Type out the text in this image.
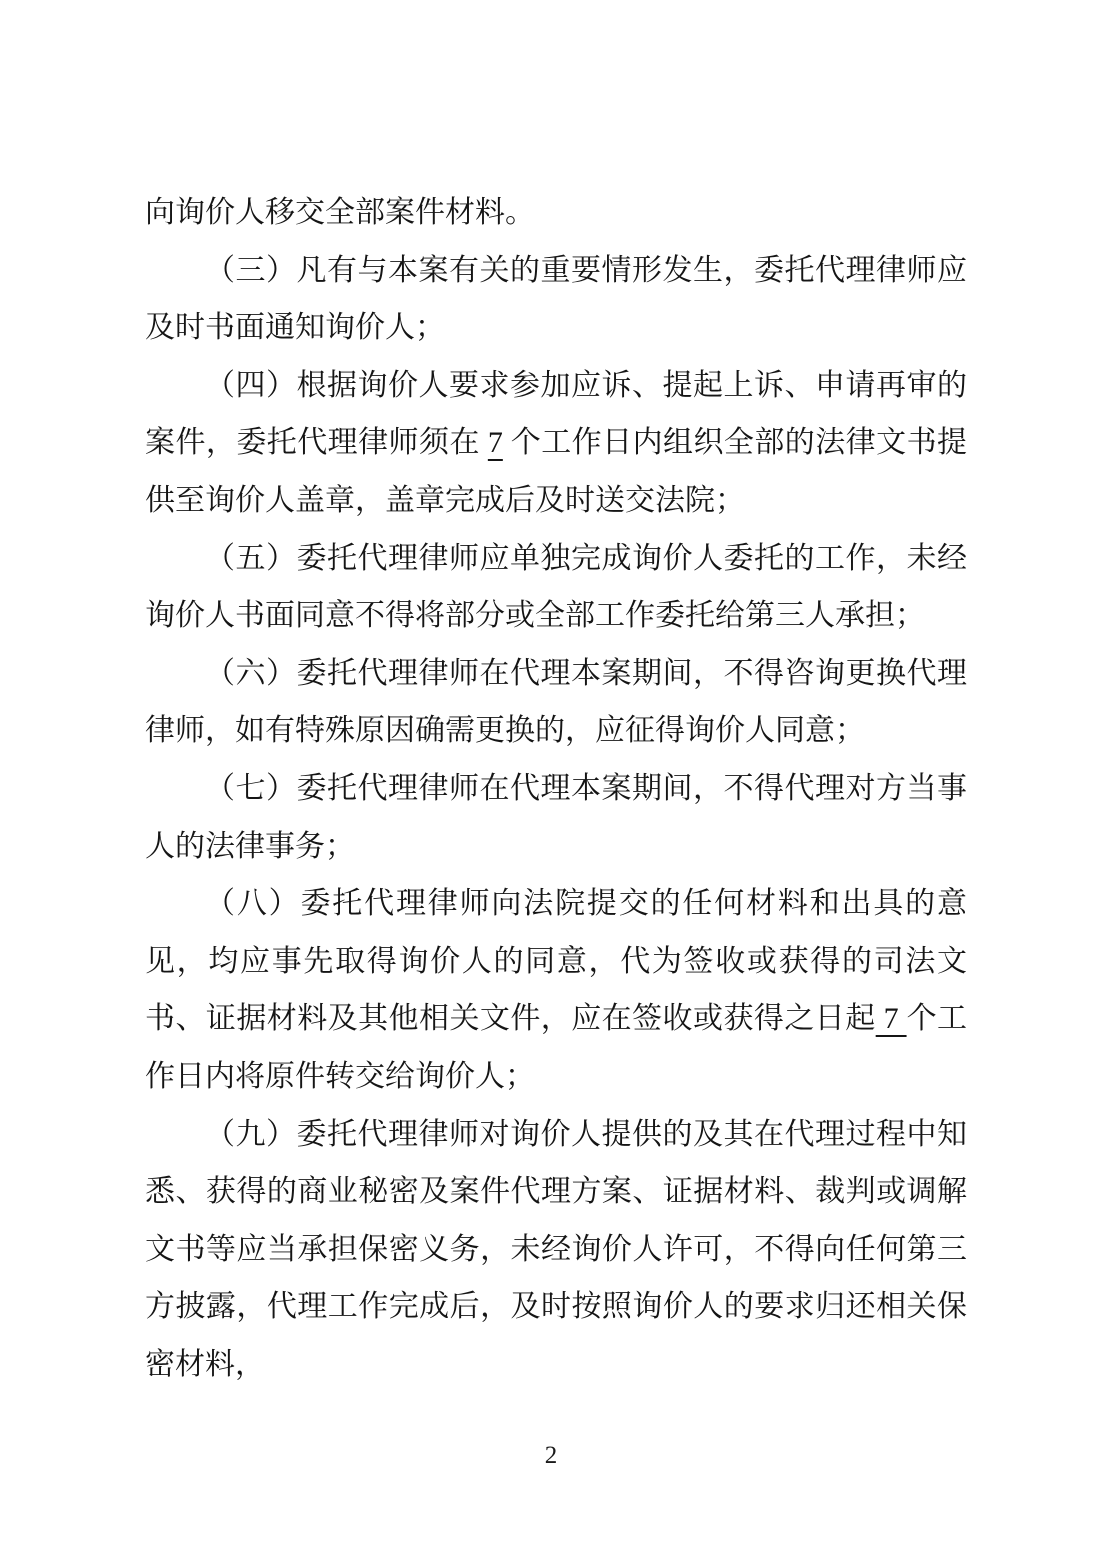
向询价人移交全部案件材料。

（三）凡有与本案有关的重要情形发生，委托代理律师应及时书面通知询价人；

（四）根据询价人要求参加应诉、提起上诉、申请再审的案件，委托代理律师须在 7 个工作日内组织全部的法律文书提供至询价人盖章，盖章完成后及时送交法院；

（五）委托代理律师应单独完成询价人委托的工作，未经询价人书面同意不得将部分或全部工作委托给第三人承担；

（六）委托代理律师在代理本案期间，不得咨询更换代理律师，如有特殊原因确需更换的，应征得询价人同意；

（七）委托代理律师在代理本案期间，不得代理对方当事人的法律事务；

（八）委托代理律师向法院提交的任何材料和出具的意见，均应事先取得询价人的同意，代为签收或获得的司法文书、证据材料及其他相关文件，应在签收或获得之日起 7 个工作日内将原件转交给询价人；

（九）委托代理律师对询价人提供的及其在代理过程中知悉、获得的商业秘密及案件代理方案、证据材料、裁判或调解文书等应当承担保密义务，未经询价人许可，不得向任何第三方披露，代理工作完成后，及时按照询价人的要求归还相关保密材料，

2
